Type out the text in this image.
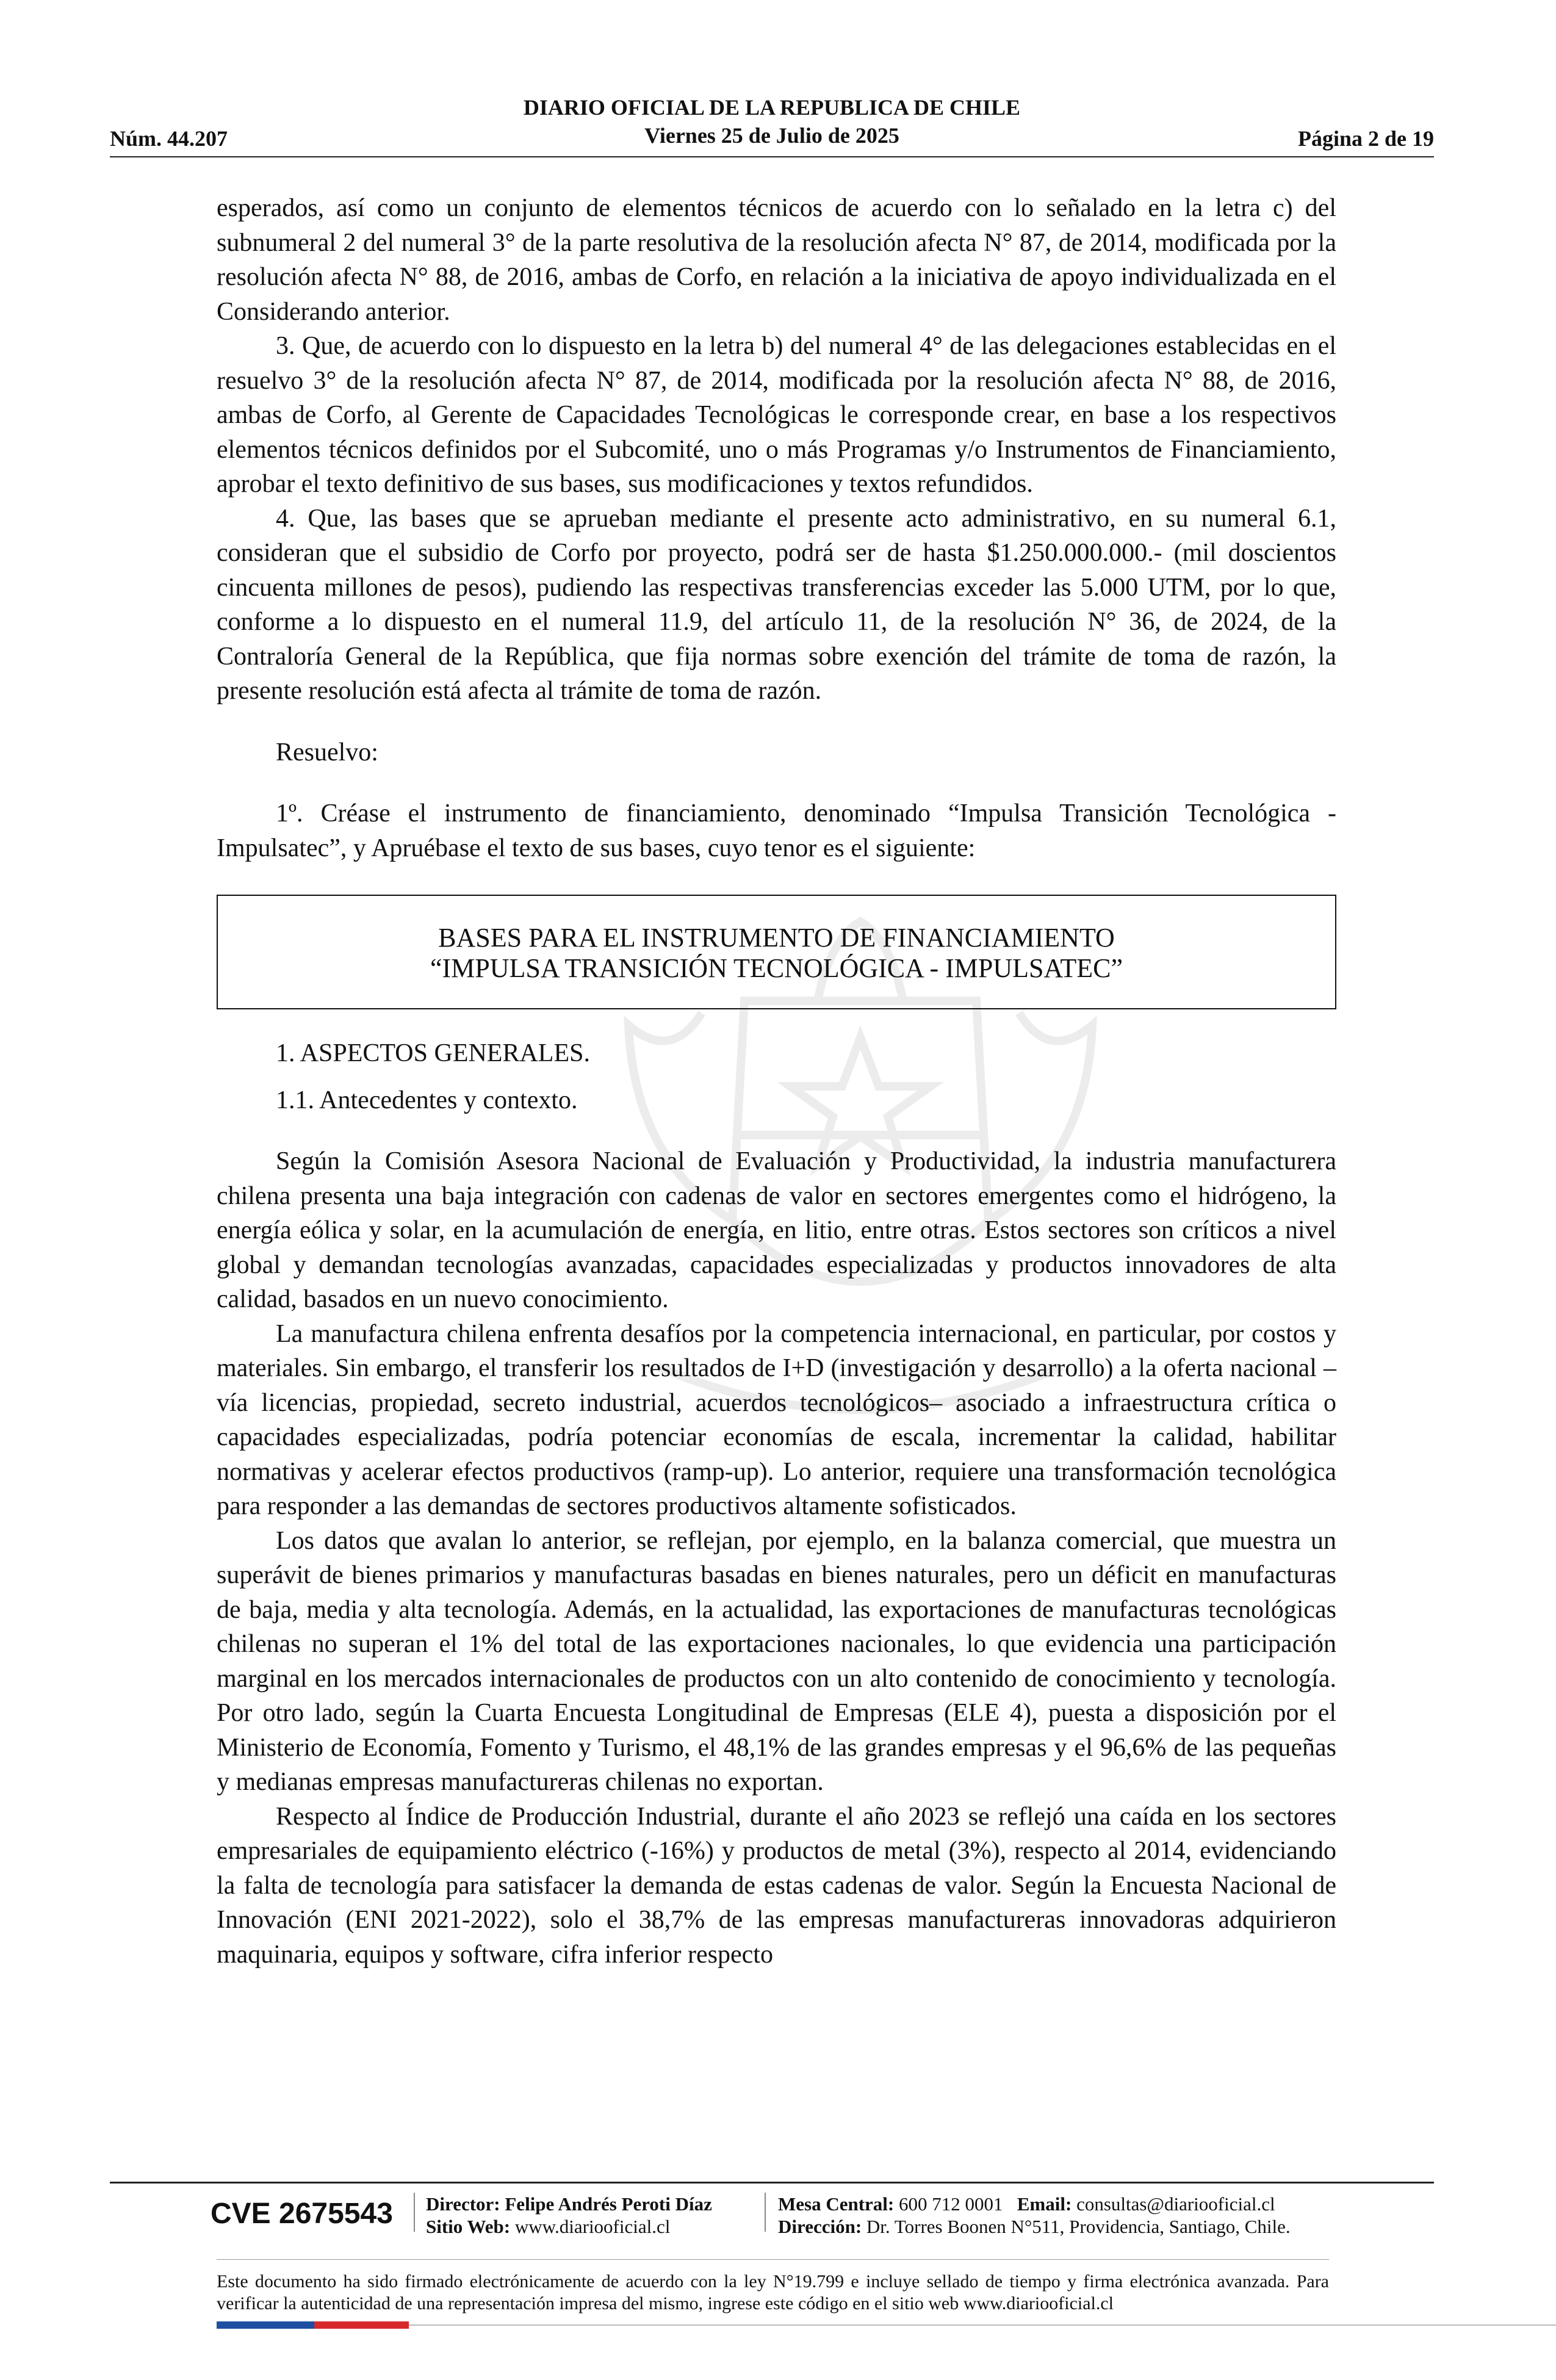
DIARIO OFICIAL DE LA REPUBLICA DE CHILE
Viernes 25 de Julio de 2025
Núm. 44.207	Página 2 de 19

esperados, así como un conjunto de elementos técnicos de acuerdo con lo señalado en la letra c) del subnumeral 2 del numeral 3° de la parte resolutiva de la resolución afecta N° 87, de 2014, modificada por la resolución afecta N° 88, de 2016, ambas de Corfo, en relación a la iniciativa de apoyo individualizada en el Considerando anterior.

3. Que, de acuerdo con lo dispuesto en la letra b) del numeral 4° de las delegaciones establecidas en el resuelvo 3° de la resolución afecta N° 87, de 2014, modificada por la resolución afecta N° 88, de 2016, ambas de Corfo, al Gerente de Capacidades Tecnológicas le corresponde crear, en base a los respectivos elementos técnicos definidos por el Subcomité, uno o más Programas y/o Instrumentos de Financiamiento, aprobar el texto definitivo de sus bases, sus modificaciones y textos refundidos.

4. Que, las bases que se aprueban mediante el presente acto administrativo, en su numeral 6.1, consideran que el subsidio de Corfo por proyecto, podrá ser de hasta $1.250.000.000.- (mil doscientos cincuenta millones de pesos), pudiendo las respectivas transferencias exceder las 5.000 UTM, por lo que, conforme a lo dispuesto en el numeral 11.9, del artículo 11, de la resolución N° 36, de 2024, de la Contraloría General de la República, que fija normas sobre exención del trámite de toma de razón, la presente resolución está afecta al trámite de toma de razón.

Resuelvo:

1º. Créase el instrumento de financiamiento, denominado “Impulsa Transición Tecnológica - Impulsatec”, y Apruébase el texto de sus bases, cuyo tenor es el siguiente:

BASES PARA EL INSTRUMENTO DE FINANCIAMIENTO
“IMPULSA TRANSICIÓN TECNOLÓGICA - IMPULSATEC”

1. ASPECTOS GENERALES.

1.1. Antecedentes y contexto.

Según la Comisión Asesora Nacional de Evaluación y Productividad, la industria manufacturera chilena presenta una baja integración con cadenas de valor en sectores emergentes como el hidrógeno, la energía eólica y solar, en la acumulación de energía, en litio, entre otras. Estos sectores son críticos a nivel global y demandan tecnologías avanzadas, capacidades especializadas y productos innovadores de alta calidad, basados en un nuevo conocimiento.

La manufactura chilena enfrenta desafíos por la competencia internacional, en particular, por costos y materiales. Sin embargo, el transferir los resultados de I+D (investigación y desarrollo) a la oferta nacional –vía licencias, propiedad, secreto industrial, acuerdos tecnológicos– asociado a infraestructura crítica o capacidades especializadas, podría potenciar economías de escala, incrementar la calidad, habilitar normativas y acelerar efectos productivos (ramp-up). Lo anterior, requiere una transformación tecnológica para responder a las demandas de sectores productivos altamente sofisticados.

Los datos que avalan lo anterior, se reflejan, por ejemplo, en la balanza comercial, que muestra un superávit de bienes primarios y manufacturas basadas en bienes naturales, pero un déficit en manufacturas de baja, media y alta tecnología. Además, en la actualidad, las exportaciones de manufacturas tecnológicas chilenas no superan el 1% del total de las exportaciones nacionales, lo que evidencia una participación marginal en los mercados internacionales de productos con un alto contenido de conocimiento y tecnología. Por otro lado, según la Cuarta Encuesta Longitudinal de Empresas (ELE 4), puesta a disposición por el Ministerio de Economía, Fomento y Turismo, el 48,1% de las grandes empresas y el 96,6% de las pequeñas y medianas empresas manufactureras chilenas no exportan.

Respecto al Índice de Producción Industrial, durante el año 2023 se reflejó una caída en los sectores empresariales de equipamiento eléctrico (-16%) y productos de metal (3%), respecto al 2014, evidenciando la falta de tecnología para satisfacer la demanda de estas cadenas de valor. Según la Encuesta Nacional de Innovación (ENI 2021-2022), solo el 38,7% de las empresas manufactureras innovadoras adquirieron maquinaria, equipos y software, cifra inferior respecto

CVE 2675543 Director: Felipe Andrés Peroti Díaz
Sitio Web: www.diariooficial.cl
Mesa Central: 600 712 0001 Email: consultas@diariooficial.cl
Dirección: Dr. Torres Boonen N°511, Providencia, Santiago, Chile.
Este documento ha sido firmado electrónicamente de acuerdo con la ley N°19.799 e incluye sellado de tiempo y firma electrónica avanzada. Para verificar la autenticidad de una representación impresa del mismo, ingrese este código en el sitio web www.diariooficial.cl
